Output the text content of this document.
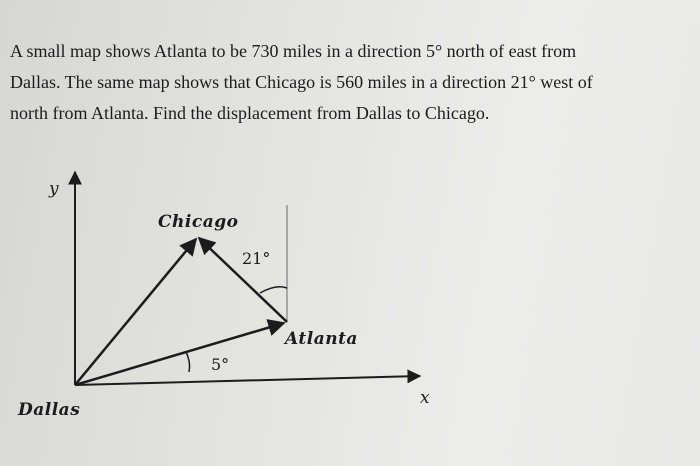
A small map shows Atlanta to be 730 miles in a direction 5° north of east from

Dallas. The same map shows that Chicago is 560 miles in a direction 21° west of

north from Atlanta. Find the displacement from Dallas to Chicago.

y
x
Chicago
Atlanta
Dallas
21°
5°
